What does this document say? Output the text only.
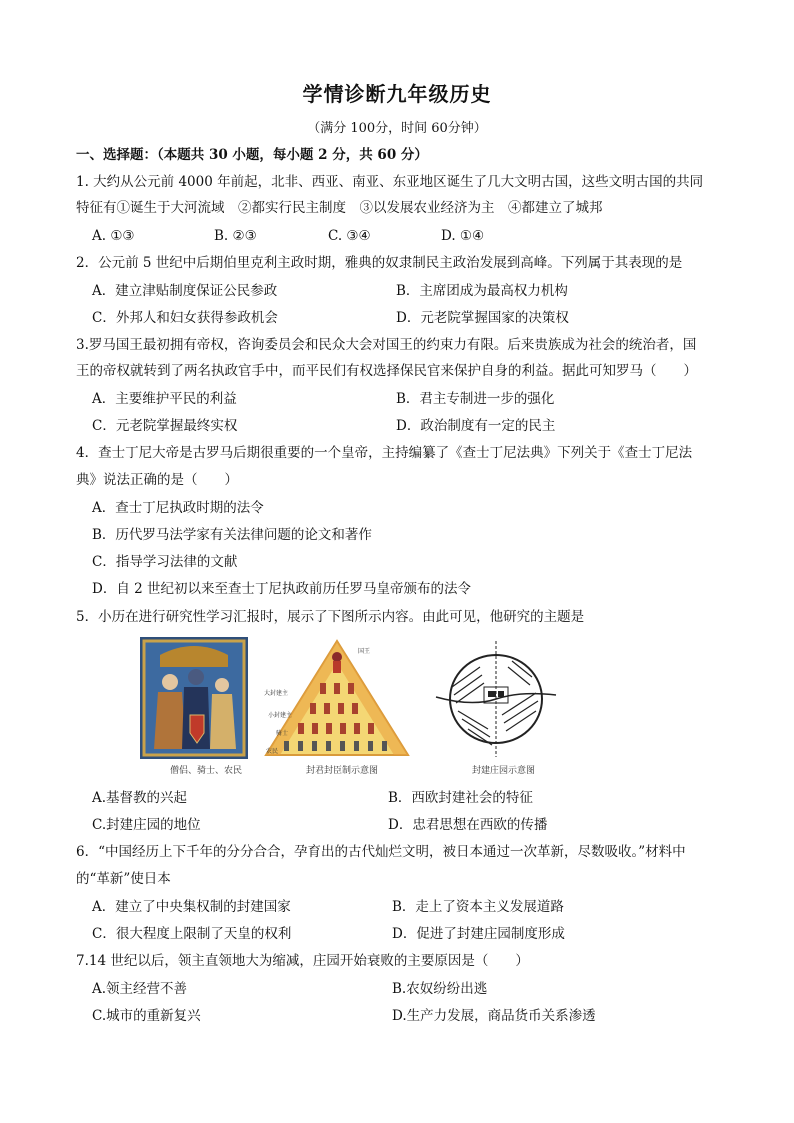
学情诊断九年级历史
（满分 100分，时间 60分钟）
一、选择题：（本题共 30 小题，每小题 2 分，共 60 分）
1. 大约从公元前 4000 年前起，北非、西亚、南亚、东亚地区诞生了几大文明古国，这些文明古国的共同
特征有①诞生于大河流域　②都实行民主制度　③以发展农业经济为主　④都建立了城邦
A. ①③	B. ②③	C. ③④	D. ①④
2．公元前 5 世纪中后期伯里克利主政时期，雅典的奴隶制民主政治发展到高峰。下列属于其表现的是
A．建立津贴制度保证公民参政	B．主席团成为最高权力机构
C．外邦人和妇女获得参政机会	D．元老院掌握国家的决策权
3.罗马国王最初拥有帝权，咨询委员会和民众大会对国王的约束力有限。后来贵族成为社会的统治者，国
王的帝权就转到了两名执政官手中，而平民们有权选择保民官来保护自身的利益。据此可知罗马（　　）
A．主要维护平民的利益	B．君主专制进一步的强化
C．元老院掌握最终实权	D．政治制度有一定的民主
4．查士丁尼大帝是古罗马后期很重要的一个皇帝，主持编纂了《查士丁尼法典》下列关于《查士丁尼法
典》说法正确的是（　　）
A．查士丁尼执政时期的法令
B．历代罗马法学家有关法律问题的论文和著作
C．指导学习法律的文献
D．自 2 世纪初以来至查士丁尼执政前历任罗马皇帝颁布的法令
5．小历在进行研究性学习汇报时，展示了下图所示内容。由此可见，他研究的主题是
国王
大封建主
小封建主
骑士
农民
僧侣、骑士、农民	封君封臣制示意图	封建庄园示意图
A.基督教的兴起	B．西欧封建社会的特征
C.封建庄园的地位	D．忠君思想在西欧的传播
6．“中国经历上下千年的分分合合，孕育出的古代灿烂文明，被日本通过一次革新，尽数吸收。”材料中
的“革新”使日本
A．建立了中央集权制的封建国家	B．走上了资本主义发展道路
C．很大程度上限制了天皇的权利	D．促进了封建庄园制度形成
7.14 世纪以后，领主直领地大为缩减，庄园开始衰败的主要原因是（　　）
A.领主经营不善	B.农奴纷纷出逃
C.城市的重新复兴	D.生产力发展，商品货币关系渗透
